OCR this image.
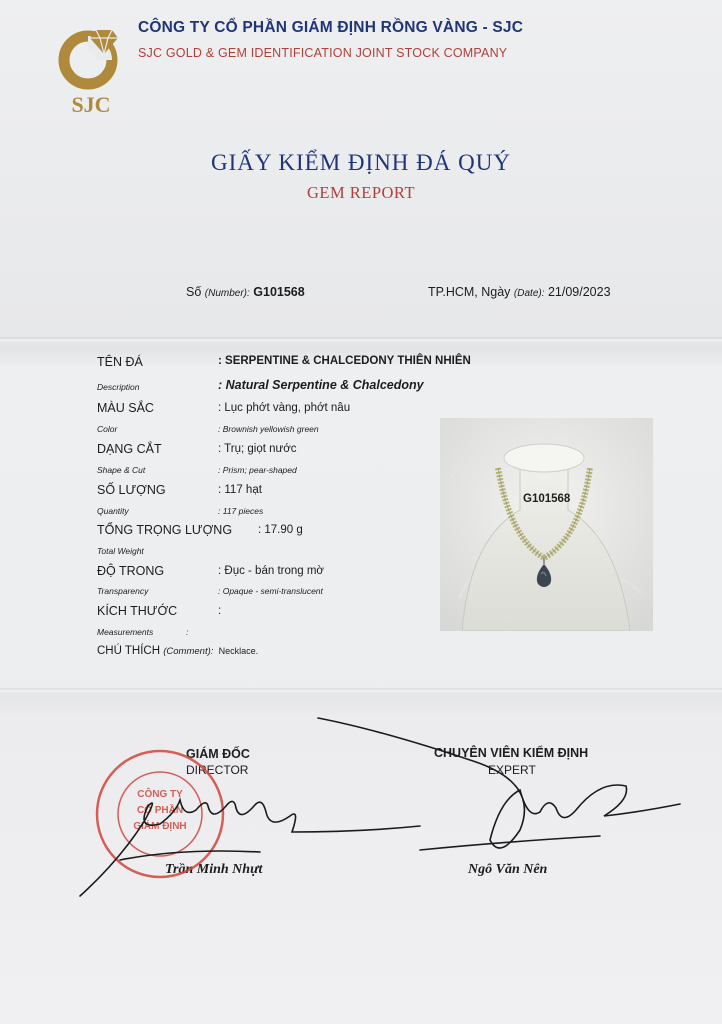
SJC
CÔNG TY CỔ PHẦN GIÁM ĐỊNH RỒNG VÀNG - SJC
SJC GOLD & GEM IDENTIFICATION JOINT STOCK COMPANY
GIẤY KIỂM ĐỊNH ĐÁ QUÝ
GEM REPORT
Số (Number): G101568	TP.HCM, Ngày (Date): 21/09/2023
TÊN ĐÁ	: SERPENTINE & CHALCEDONY THIÊN NHIÊN
Description	: Natural Serpentine & Chalcedony
MÀU SẮC	: Lục phớt vàng, phớt nâu
Color	: Brownish yellowish green
DẠNG CẮT	: Trụ; giọt nước
Shape & Cut	: Prism; pear-shaped
SỐ LƯỢNG	: 117 hạt
Quantity	: 117 pieces
TỔNG TRỌNG LƯỢNG : 17.90 g
Total Weight
ĐỘ TRONG	: Đục - bán trong mờ
Transparency	: Opaque - semi-translucent
KÍCH THƯỚC	:
Measurements	:
CHÚ THÍCH (Comment): Necklace.
G101568
GIÁM ĐỐC
DIRECTOR
Trần Minh Nhựt
CHUYÊN VIÊN KIỂM ĐỊNH
EXPERT
Ngô Văn Nên
CÔNG TY
CỔ PHẦN
GIÁM ĐỊNH
